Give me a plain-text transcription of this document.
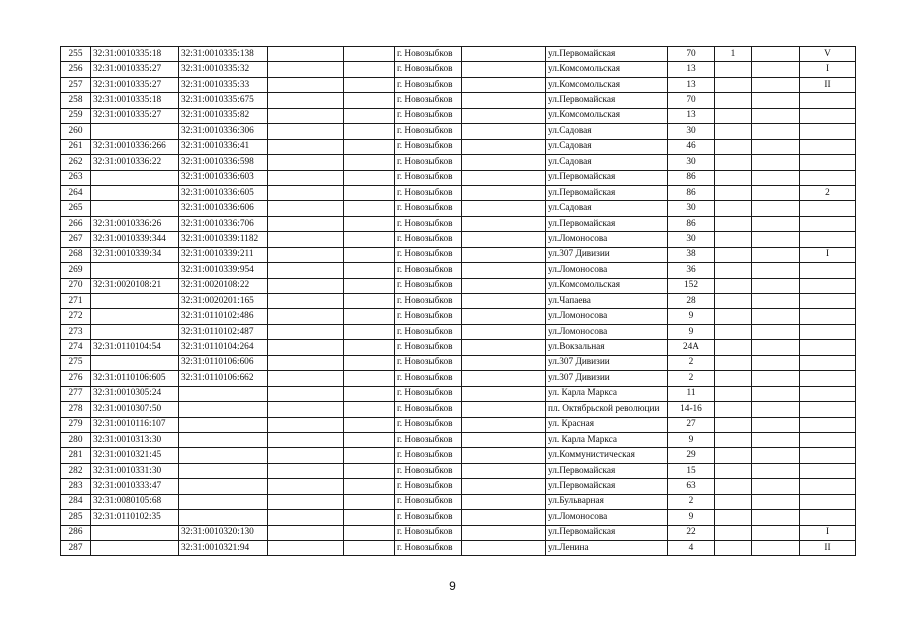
255	32:31:0010335:18	32:31:0010335:138			г. Новозыбков		ул.Первомайская	70	1		V
256	32:31:0010335:27	32:31:0010335:32			г. Новозыбков		ул.Комсомольская	13			I
257	32:31:0010335:27	32:31:0010335:33			г. Новозыбков		ул.Комсомольская	13			II
258	32:31:0010335:18	32:31:0010335:675			г. Новозыбков		ул.Первомайская	70			
259	32:31:0010335:27	32:31:0010335:82			г. Новозыбков		ул.Комсомольская	13			
260		32:31:0010336:306			г. Новозыбков		ул.Садовая	30			
261	32:31:0010336:266	32:31:0010336:41			г. Новозыбков		ул.Садовая	46			
262	32:31:0010336:22	32:31:0010336:598			г. Новозыбков		ул.Садовая	30			
263		32:31:0010336:603			г. Новозыбков		ул.Первомайская	86			
264		32:31:0010336:605			г. Новозыбков		ул.Первомайская	86			2
265		32:31:0010336:606			г. Новозыбков		ул.Садовая	30			
266	32:31:0010336:26	32:31:0010336:706			г. Новозыбков		ул.Первомайская	86			
267	32:31:0010339:344	32:31:0010339:1182			г. Новозыбков		ул.Ломоносова	30			
268	32:31:0010339:34	32:31:0010339:211			г. Новозыбков		ул.307 Дивизии	38			I
269		32:31:0010339:954			г. Новозыбков		ул.Ломоносова	36			
270	32:31:0020108:21	32:31:0020108:22			г. Новозыбков		ул.Комсомольская	152			
271		32:31:0020201:165			г. Новозыбков		ул.Чапаева	28			
272		32:31:0110102:486			г. Новозыбков		ул.Ломоносова	9			
273		32:31:0110102:487			г. Новозыбков		ул.Ломоносова	9			
274	32:31:0110104:54	32:31:0110104:264			г. Новозыбков		ул.Вокзальная	24А			
275		32:31:0110106:606			г. Новозыбков		ул.307 Дивизии	2			
276	32:31:0110106:605	32:31:0110106:662			г. Новозыбков		ул.307 Дивизии	2			
277	32:31:0010305:24				г. Новозыбков		ул. Карла Маркса	11			
278	32:31:0010307:50				г. Новозыбков		пл. Октябрьской революции	14-16			
279	32:31:0010116:107				г. Новозыбков		ул. Красная	27			
280	32:31:0010313:30				г. Новозыбков		ул. Карла Маркса	9			
281	32:31:0010321:45				г. Новозыбков		ул.Коммунистическая	29			
282	32:31:0010331:30				г. Новозыбков		ул.Первомайская	15			
283	32:31:0010333:47				г. Новозыбков		ул.Первомайская	63			
284	32:31:0080105:68				г. Новозыбков		ул.Бульварная	2			
285	32:31:0110102:35				г. Новозыбков		ул.Ломоносова	9			
286		32:31:0010320:130			г. Новозыбков		ул.Первомайская	22			I
287		32:31:0010321:94			г. Новозыбков		ул.Ленина	4			II
9
